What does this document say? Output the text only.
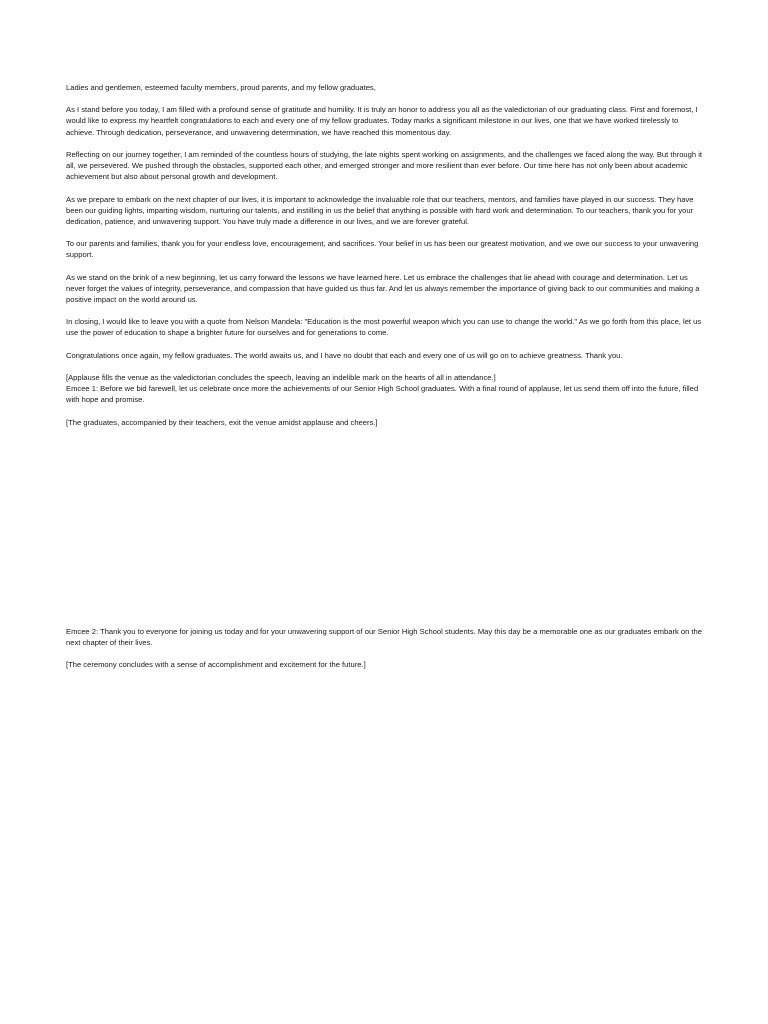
Ladies and gentlemen, esteemed faculty members, proud parents, and my fellow graduates,

As I stand before you today, I am filled with a profound sense of gratitude and humility. It is truly an honor to address you all as the valedictorian of our graduating class. First and foremost, I would like to express my heartfelt congratulations to each and every one of my fellow graduates. Today marks a significant milestone in our lives, one that we have worked tirelessly to achieve. Through dedication, perseverance, and unwavering determination, we have reached this momentous day.

Reflecting on our journey together, I am reminded of the countless hours of studying, the late nights spent working on assignments, and the challenges we faced along the way. But through it all, we persevered. We pushed through the obstacles, supported each other, and emerged stronger and more resilient than ever before. Our time here has not only been about academic achievement but also about personal growth and development.

As we prepare to embark on the next chapter of our lives, it is important to acknowledge the invaluable role that our teachers, mentors, and families have played in our success. They have been our guiding lights, imparting wisdom, nurturing our talents, and instilling in us the belief that anything is possible with hard work and determination. To our teachers, thank you for your dedication, patience, and unwavering support. You have truly made a difference in our lives, and we are forever grateful.

To our parents and families, thank you for your endless love, encouragement, and sacrifices. Your belief in us has been our greatest motivation, and we owe our success to your unwavering support.

As we stand on the brink of a new beginning, let us carry forward the lessons we have learned here. Let us embrace the challenges that lie ahead with courage and determination. Let us never forget the values of integrity, perseverance, and compassion that have guided us thus far. And let us always remember the importance of giving back to our communities and making a positive impact on the world around us.

In closing, I would like to leave you with a quote from Nelson Mandela: "Education is the most powerful weapon which you can use to change the world." As we go forth from this place, let us use the power of education to shape a brighter future for ourselves and for generations to come.

Congratulations once again, my fellow graduates. The world awaits us, and I have no doubt that each and every one of us will go on to achieve greatness. Thank you.

[Applause fills the venue as the valedictorian concludes the speech, leaving an indelible mark on the hearts of all in attendance.]

Emcee 1: Before we bid farewell, let us celebrate once more the achievements of our Senior High School graduates. With a final round of applause, let us send them off into the future, filled with hope and promise.

[The graduates, accompanied by their teachers, exit the venue amidst applause and cheers.]

Emcee 2: Thank you to everyone for joining us today and for your unwavering support of our Senior High School students. May this day be a memorable one as our graduates embark on the next chapter of their lives.

[The ceremony concludes with a sense of accomplishment and excitement for the future.]
